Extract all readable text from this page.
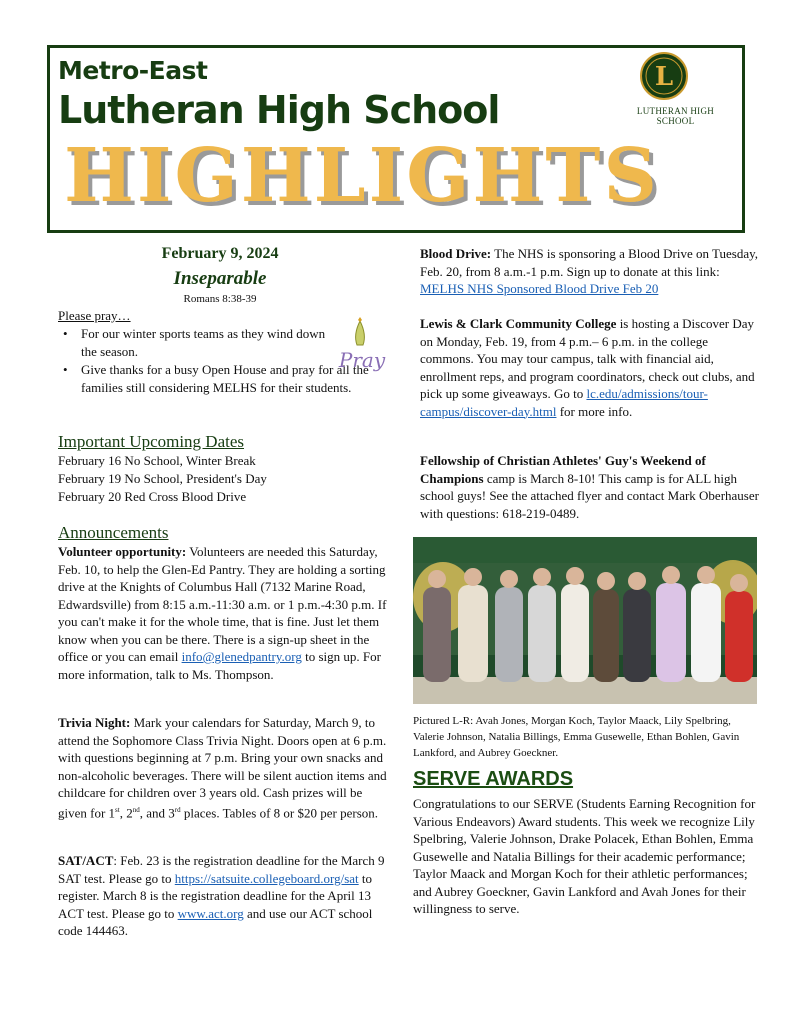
Metro-East
Lutheran High School
HIGHLIGHTS
L
LUTHERAN HIGH SCHOOL
February 9, 2024
Inseparable
Romans 8:38-39
Please pray…
• For our winter sports teams as they wind down the season.
• Give thanks for a busy Open House and pray for all the families still considering MELHS for their students.
Pray
Important Upcoming Dates
February 16 No School, Winter Break
February 19 No School, President's Day
February 20 Red Cross Blood Drive
Announcements
Volunteer opportunity: Volunteers are needed this Saturday, Feb. 10, to help the Glen-Ed Pantry. They are holding a sorting drive at the Knights of Columbus Hall (7132 Marine Road, Edwardsville) from 8:15 a.m.-11:30 a.m. or 1 p.m.-4:30 p.m. If you can't make it for the whole time, that is fine. Just let them know when you can be there. There is a sign-up sheet in the office or you can email info@glenedpantry.org to sign up. For more information, talk to Ms. Thompson.
Trivia Night: Mark your calendars for Saturday, March 9, to attend the Sophomore Class Trivia Night. Doors open at 6 p.m. with questions beginning at 7 p.m. Bring your own snacks and non-alcoholic beverages. There will be silent auction items and childcare for children over 3 years old. Cash prizes will be given for 1st, 2nd, and 3rd places. Tables of 8 or $20 per person.
SAT/ACT: Feb. 23 is the registration deadline for the March 9 SAT test. Please go to https://satsuite.collegeboard.org/sat to register. March 8 is the registration deadline for the April 13 ACT test. Please go to www.act.org and use our ACT school code 144463.
Blood Drive: The NHS is sponsoring a Blood Drive on Tuesday, Feb. 20, from 8 a.m.-1 p.m. Sign up to donate at this link: MELHS NHS Sponsored Blood Drive Feb 20
Lewis & Clark Community College is hosting a Discover Day on Monday, Feb. 19, from 4 p.m.– 6 p.m. in the college commons. You may tour campus, talk with financial aid, enrollment reps, and program coordinators, check out clubs, and pick up some giveaways. Go to lc.edu/admissions/tour-campus/discover-day.html for more info.
Fellowship of Christian Athletes' Guy's Weekend of Champions camp is March 8-10! This camp is for ALL high school guys! See the attached flyer and contact Mark Oberhauser with questions: 618-219-0489.
Pictured L-R: Avah Jones, Morgan Koch, Taylor Maack, Lily Spelbring, Valerie Johnson, Natalia Billings, Emma Gusewelle, Ethan Bohlen, Gavin Lankford, and Aubrey Goeckner.
SERVE AWARDS
Congratulations to our SERVE (Students Earning Recognition for Various Endeavors) Award students. This week we recognize Lily Spelbring, Valerie Johnson, Drake Polacek, Ethan Bohlen, Emma Gusewelle and Natalia Billings for their academic performance; Taylor Maack and Morgan Koch for their athletic performances; and Aubrey Goeckner, Gavin Lankford and Avah Jones for their willingness to serve.
